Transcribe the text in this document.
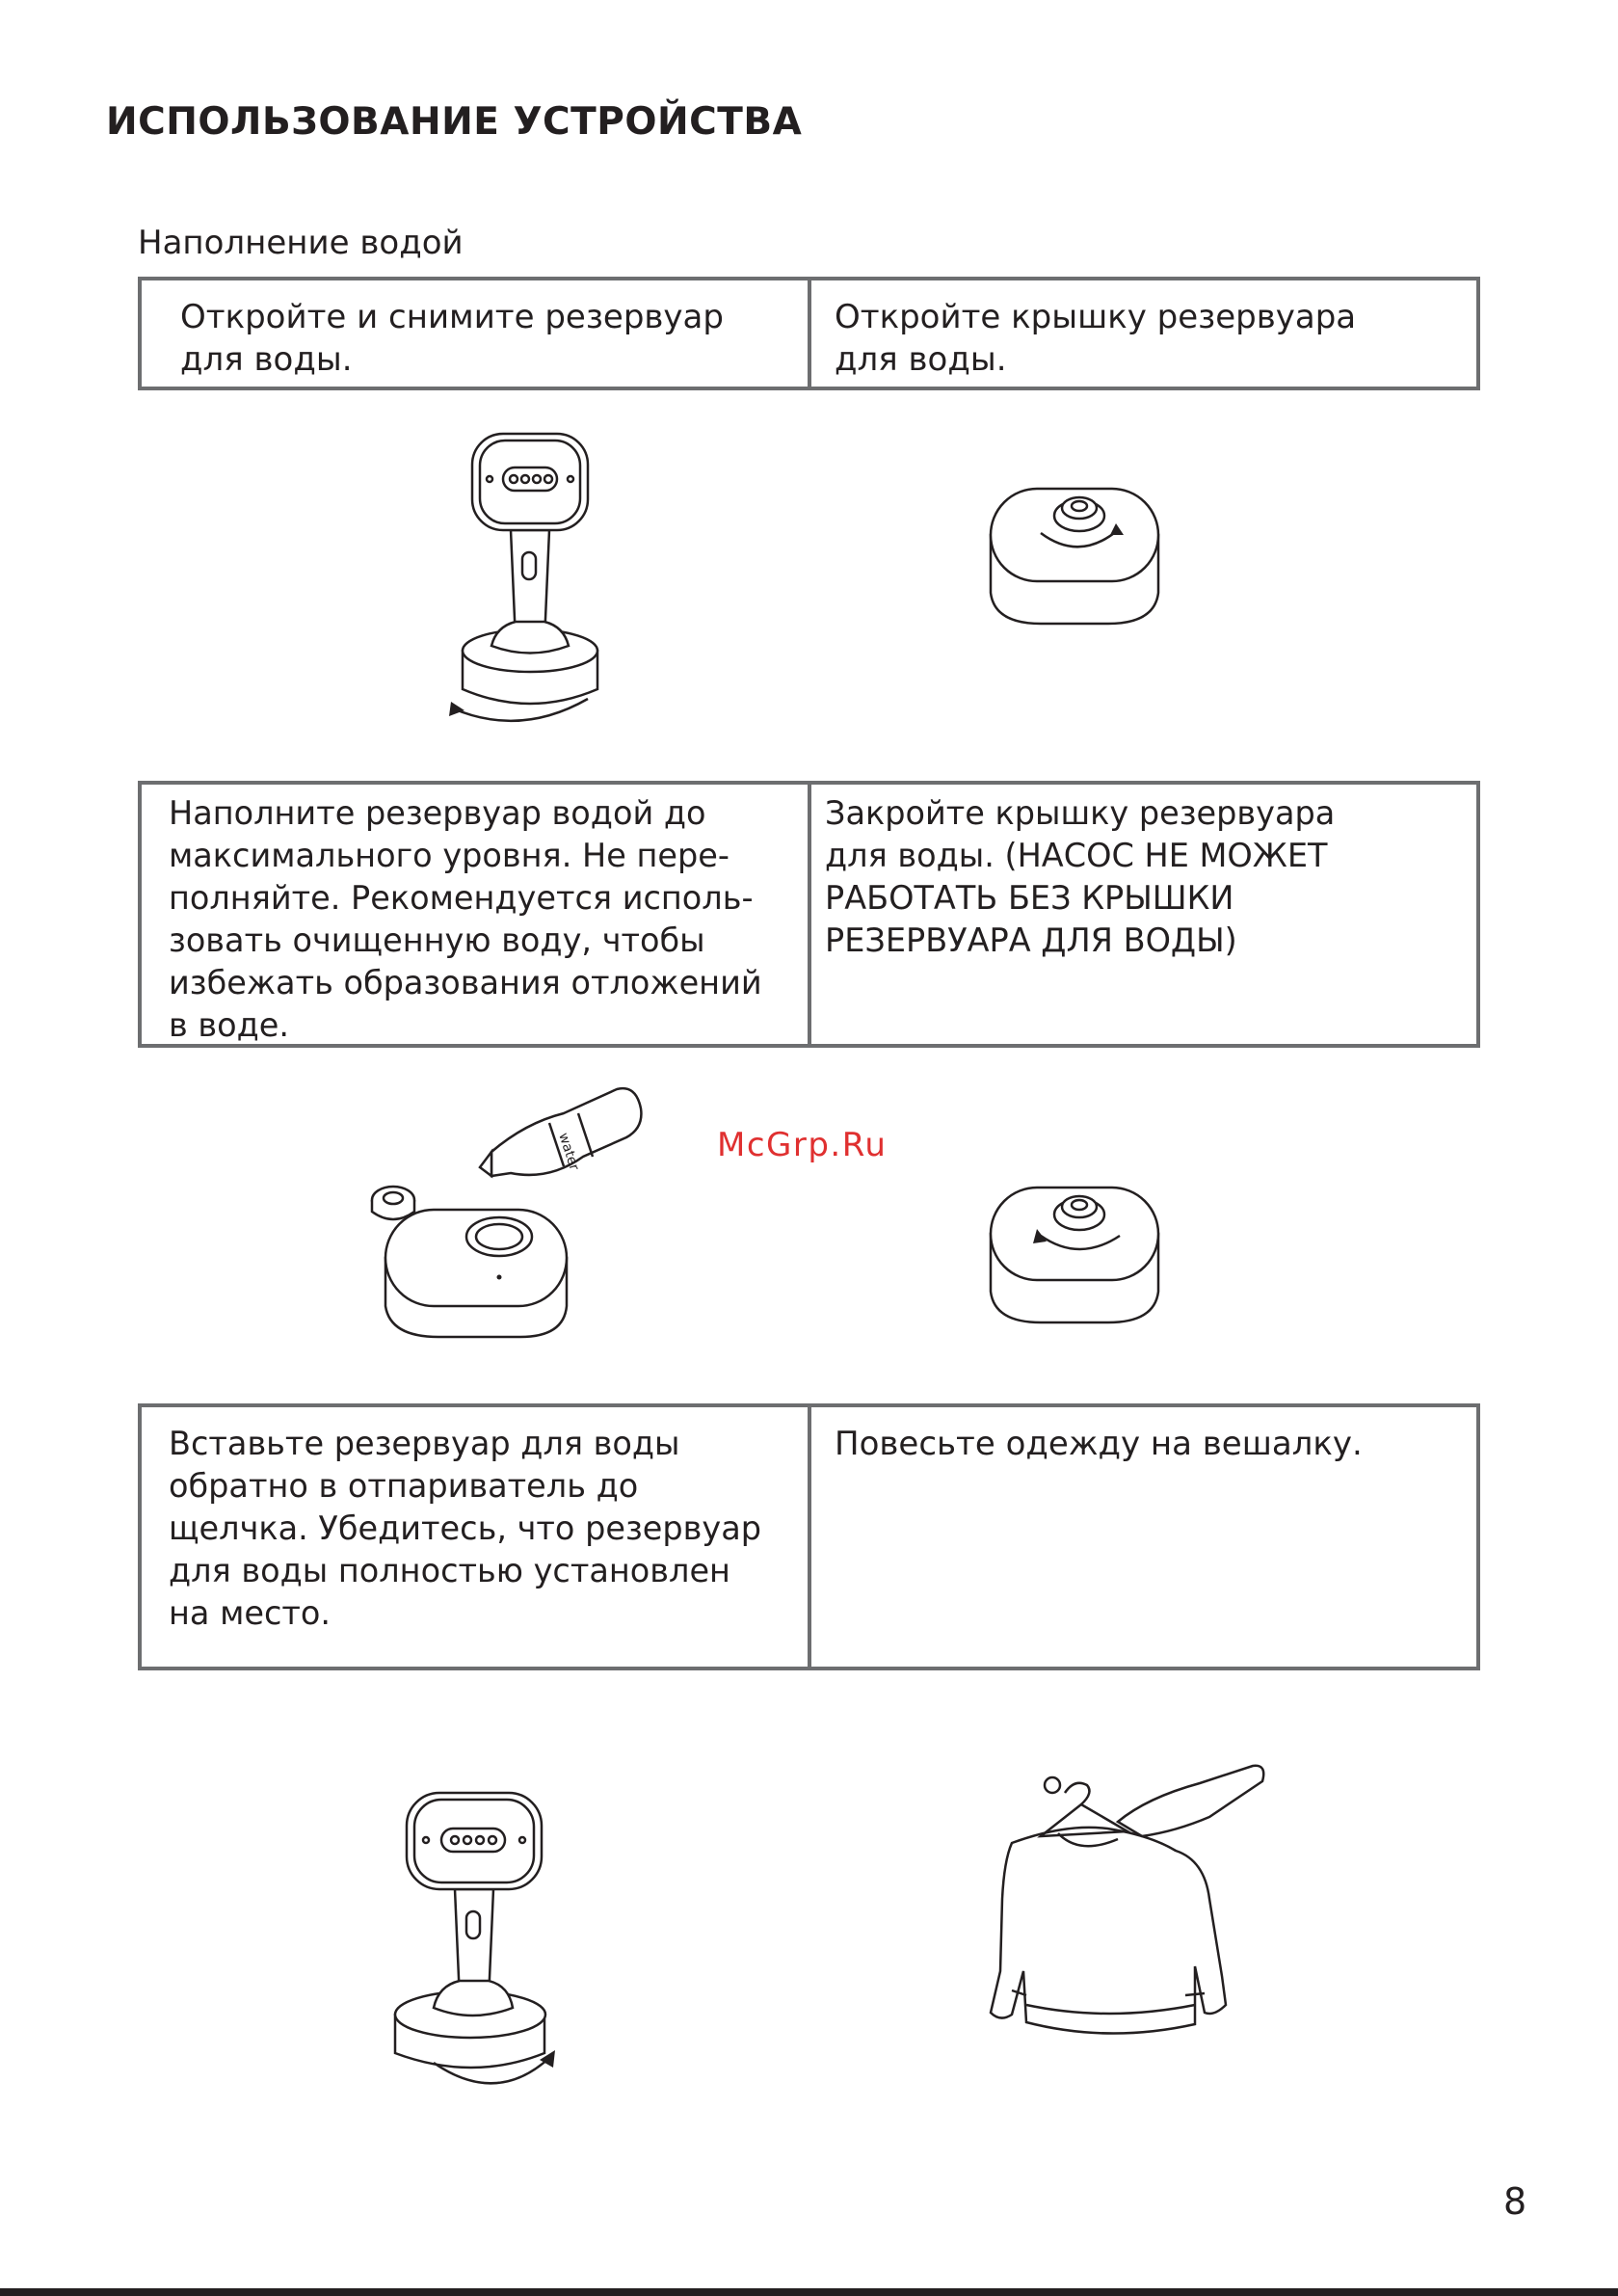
ИСПОЛЬЗОВАНИЕ УСТРОЙСТВА
Наполнение водой
Откройте и снимите резервуар
для воды.
Откройте крышку резервуара
для воды.
Наполните резервуар водой до
максимального уровня. Не пере-
полняйте. Рекомендуется исполь-
зовать очищенную воду, чтобы
избежать образования отложений
в воде.
Закройте крышку резервуара
для воды. (НАСОС НЕ МОЖЕТ
РАБОТАТЬ БЕЗ КРЫШКИ
РЕЗЕРВУАРА ДЛЯ ВОДЫ)
water
Вставьте резервуар для воды
обратно в отпариватель до
щелчка. Убедитесь, что резервуар
для воды полностью установлен
на место.
Повесьте одежду на вешалку.
McGrp.Ru
8
